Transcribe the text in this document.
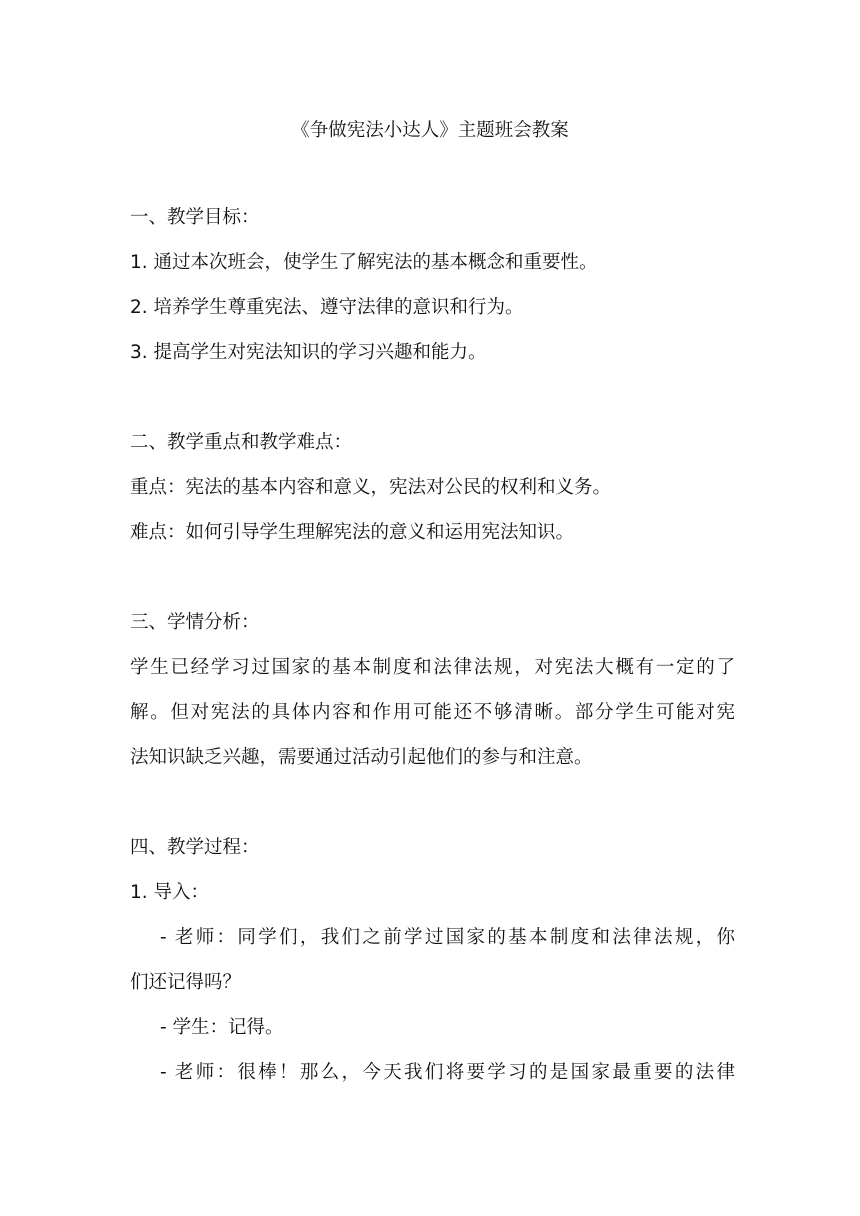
《争做宪法小达人》主题班会教案
一、教学目标：
1. 通过本次班会，使学生了解宪法的基本概念和重要性。
2. 培养学生尊重宪法、遵守法律的意识和行为。
3. 提高学生对宪法知识的学习兴趣和能力。
二、教学重点和教学难点：
重点：宪法的基本内容和意义，宪法对公民的权利和义务。
难点：如何引导学生理解宪法的意义和运用宪法知识。
三、学情分析：
学生已经学习过国家的基本制度和法律法规，对宪法大概有一定的了
解。但对宪法的具体内容和作用可能还不够清晰。部分学生可能对宪
法知识缺乏兴趣，需要通过活动引起他们的参与和注意。
四、教学过程：
1. 导入：
- 老师：同学们，我们之前学过国家的基本制度和法律法规，你
们还记得吗？
- 学生：记得。
- 老师：很棒！那么，今天我们将要学习的是国家最重要的法律
